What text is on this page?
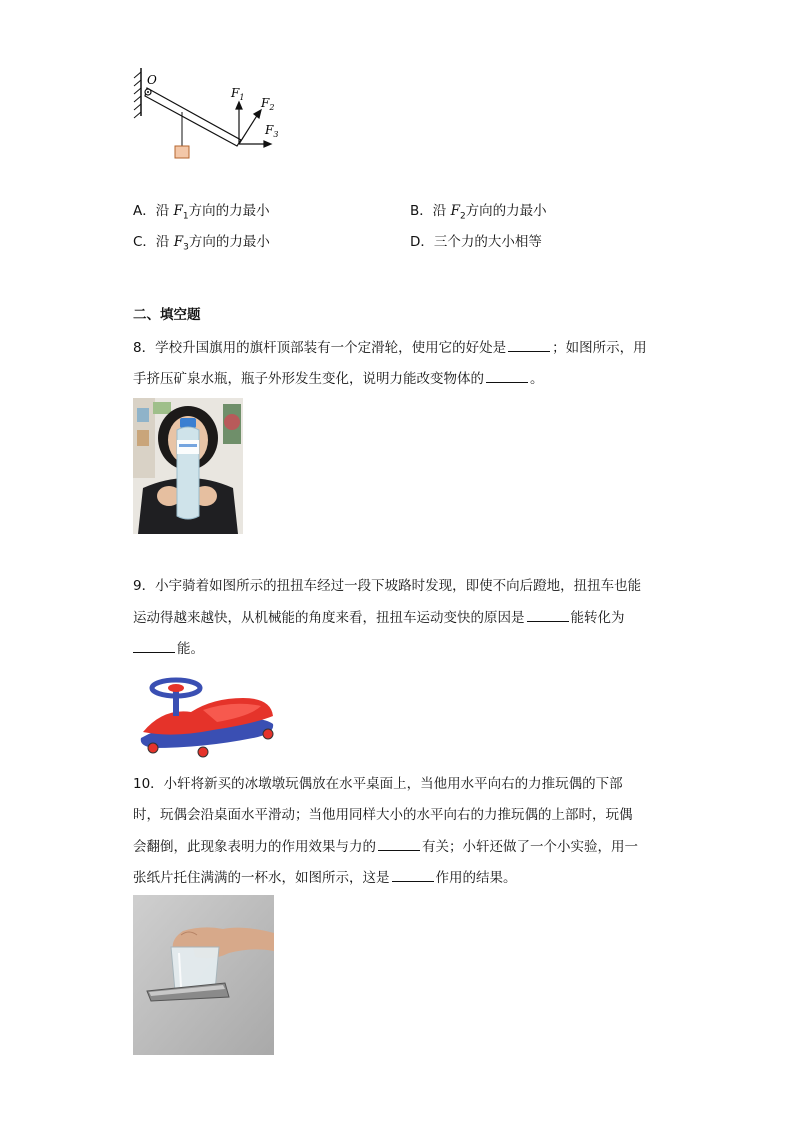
O
$F_1$ $F_2$
$F_3$
A．沿 $F_1$方向的力最小	B．沿 $F_2$方向的力最小
C．沿 $F_3$方向的力最小	D．三个力的大小相等
二、填空题
8．学校升国旗用的旗杆顶部装有一个定滑轮，使用它的好处是	；如图所示，用
手挤压矿泉水瓶，瓶子外形发生变化，说明力能改变物体的	。
9．小宇骑着如图所示的扭扭车经过一段下坡路时发现，即使不向后蹬地，扭扭车也能
运动得越来越快，从机械能的角度来看，扭扭车运动变快的原因是	能转化为
能。
10．小轩将新买的冰墩墩玩偶放在水平桌面上，当他用水平向右的力推玩偶的下部
时，玩偶会沿桌面水平滑动；当他用同样大小的水平向右的力推玩偶的上部时，玩偶
会翻倒，此现象表明力的作用效果与力的	有关；小轩还做了一个小实验，用一
张纸片托住满满的一杯水，如图所示，这是	作用的结果。
